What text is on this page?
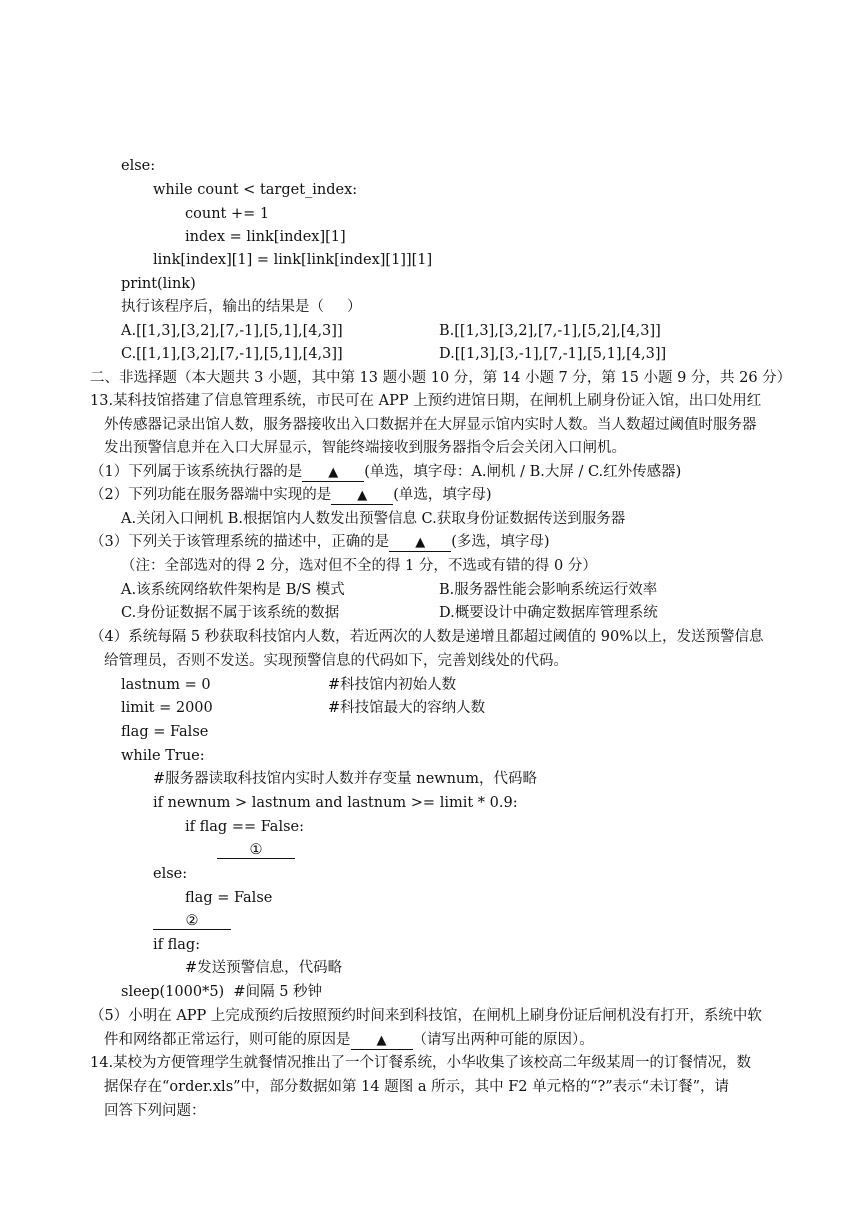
else:
while count < target_index:
count += 1
index = link[index][1]
link[index][1] = link[link[index][1]][1]
print(link)
执行该程序后，输出的结果是（     ）
A.[[1,3],[3,2],[7,-1],[5,1],[4,3]]	B.[[1,3],[3,2],[7,-1],[5,2],[4,3]]
C.[[1,1],[3,2],[7,-1],[5,1],[4,3]]	D.[[1,3],[3,-1],[7,-1],[5,1],[4,3]]
二、非选择题（本大题共 3 小题，其中第 13 题小题 10 分，第 14 小题 7 分，第 15 小题 9 分，共 26 分）
13.某科技馆搭建了信息管理系统，市民可在 APP 上预约进馆日期，在闸机上刷身份证入馆，出口处用红
外传感器记录出馆人数，服务器接收出入口数据并在大屏显示馆内实时人数。当人数超过阈值时服务器
发出预警信息并在入口大屏显示，智能终端接收到服务器指令后会关闭入口闸机。
（1）下列属于该系统执行器的是 ▲ (单选，填字母：A.闸机 / B.大屏 / C.红外传感器)
（2）下列功能在服务器端中实现的是 ▲ (单选，填字母)
A.关闭入口闸机 B.根据馆内人数发出预警信息 C.获取身份证数据传送到服务器
（3）下列关于该管理系统的描述中，正确的是 ▲ (多选，填字母)
（注：全部选对的得 2 分，选对但不全的得 1 分，不选或有错的得 0 分）
A.该系统网络软件架构是 B/S 模式	B.服务器性能会影响系统运行效率
C.身份证数据不属于该系统的数据	D.概要设计中确定数据库管理系统
（4）系统每隔 5 秒获取科技馆内人数，若近两次的人数是递增且都超过阈值的 90%以上，发送预警信息
给管理员，否则不发送。实现预警信息的代码如下，完善划线处的代码。
lastnum = 0	#科技馆内初始人数
limit = 2000	#科技馆最大的容纳人数
flag = False
while True:
#服务器读取科技馆内实时人数并存变量 newnum，代码略
if newnum > lastnum and lastnum >= limit * 0.9:
if flag == False:
①
else:
flag = False
②
if flag:
#发送预警信息，代码略
sleep(1000*5)  #间隔 5 秒钟
（5）小明在 APP 上完成预约后按照预约时间来到科技馆，在闸机上刷身份证后闸机没有打开，系统中软
件和网络都正常运行，则可能的原因是 ▲ （请写出两种可能的原因）。
14.某校为方便管理学生就餐情况推出了一个订餐系统，小华收集了该校高二年级某周一的订餐情况，数
据保存在“order.xls”中，部分数据如第 14 题图 a 所示，其中 F2 单元格的“?”表示“未订餐”，请
回答下列问题：
